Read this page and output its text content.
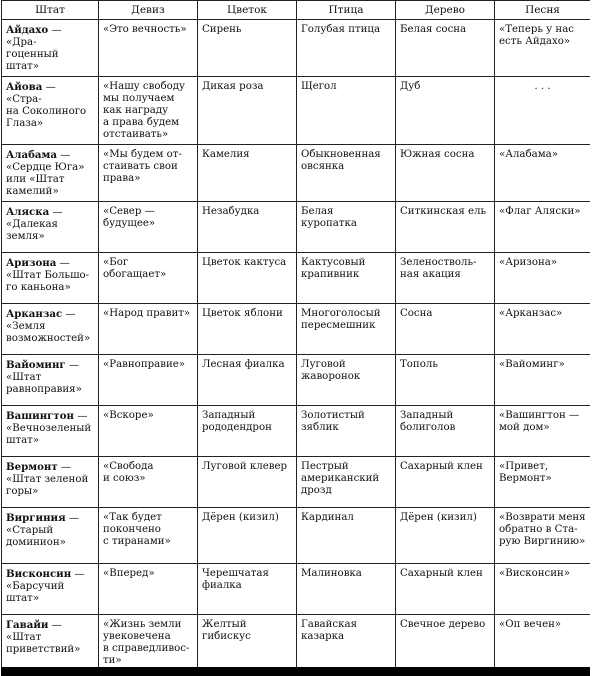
Штат	Девиз	Цветок	Птица	Дерево	Песня

Айдахо — «Дра-
гоценный штат»	«Это вечность»	Сирень	Голубая птица	Белая сосна	«Теперь у нас
есть Айдахо»

Айова — «Стра-
на Соколиного
Глаза»	«Нашу свободу
мы получаем
как награду
а права будем
отстаивать»	Дикая роза	Щегол	Дуб	. . .

Алабама —
«Сердце Юга»
или «Штат
камелий»	«Мы будем от-
стаивать свои
права»	Камелия	Обыкновенная
овсянка	Южная сосна	«Алабама»

Аляска —
«Далекая
земля»	«Север —
будущее»	Незабудка	Белая
куропатка	Ситкинская ель	«Флаг Аляски»

Аризона —
«Штат Большо-
го каньона»	«Бог обогащает»	Цветок кактуса	Кактусовый
крапивник	Зеленостволь-
ная акация	«Аризона»

Арканзас —
«Земля
возможностей»	«Народ правит»	Цветок яблони	Многоголосый
пересмешник	Сосна	«Арканзас»

Вайоминг —
«Штат
равноправия»	«Равноправие»	Лесная фиалка	Луговой
жаворонок	Тополь	«Вайоминг»

Вашингтон —
«Вечнозеленый
штат»	«Вскоре»	Западный
рододендрон	Золотистый
зяблик	Западный
болиголов	«Вашингтон —
мой дом»

Вермонт —
«Штат зеленой
горы»	«Свобода
и союз»	Луговой клевер	Пестрый
американский
дрозд	Сахарный клен	«Привет,
Вермонт»

Виргиния —
«Старый
доминион»	«Так будет
покончено
с тиранами»	Дёрен (кизил)	Кардинал	Дёрен (кизил)	«Возврати меня
обратно в Ста-
рую Виргинию»

Висконсин —
«Барсучий
штат»	«Вперед»	Черешчатая
фиалка	Малиновка	Сахарный клен	«Висконсин»

Гавайи —
«Штат
приветствий»	«Жизнь земли
увековечена
в справедливос-
ти»	Желтый
гибискус	Гавайская
казарка	Свечное дерево	«Оп вечен»
